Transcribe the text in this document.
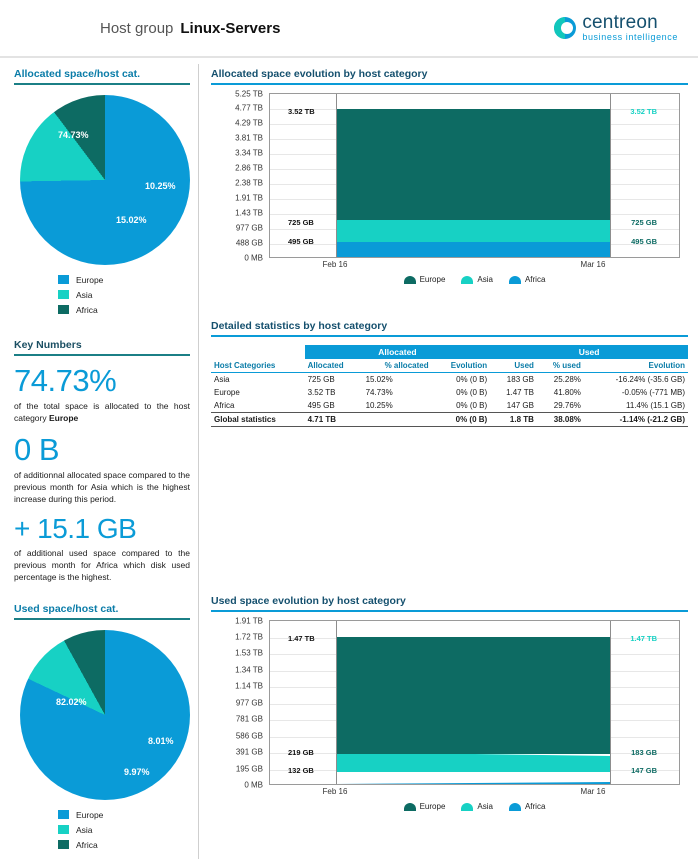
Host group Linux-Servers	centreon
business intelligence
Allocated space/host cat.
74.73%
15.02%
10.25%
Europe
Asia
Africa
Key Numbers
74.73%
of the total space is allocated to the host category Europe
0 B
of additionnal allocated space compared to the previous month for Asia which is the highest increase during this period.
+ 15.1 GB
of additional used space compared to the previous month for Africa which disk used percentage is the highest.
Used space/host cat.
82.02%
9.97%
8.01%
Europe
Asia
Africa
Allocated space evolution by host category
0 MB
488 GB
977 GB
1.43 TB
1.91 TB
2.38 TB
2.86 TB
3.34 TB
3.81 TB
4.29 TB
4.77 TB
5.25 TB
495 GB
725 GB
3.52 TB
495 GB
725 GB
3.52 TB
Feb 16	Mar 16
Europe	Asia	Africa
Detailed statistics by host category
	Allocated			Used		
Host Categories	Allocated	% allocated	Evolution	Used	% used	Evolution
Asia	725 GB	15.02%	0% (0 B)	183 GB	25.28%	-16.24% (-35.6 GB)
Europe	3.52 TB	74.73%	0% (0 B)	1.47 TB	41.80%	-0.05% (-771 MB)
Africa	495 GB	10.25%	0% (0 B)	147 GB	29.76%	11.4% (15.1 GB)
Global statistics	4.71 TB		0% (0 B)	1.8 TB	38.08%	-1.14% (-21.2 GB)
Used space evolution by host category
0 MB
195 GB
391 GB
586 GB
781 GB
977 GB
1.14 TB
1.34 TB
1.53 TB
1.72 TB
1.91 TB
132 GB
219 GB
1.47 TB
147 GB
183 GB
1.47 TB
Feb 16	Mar 16
Europe	Asia	Africa
